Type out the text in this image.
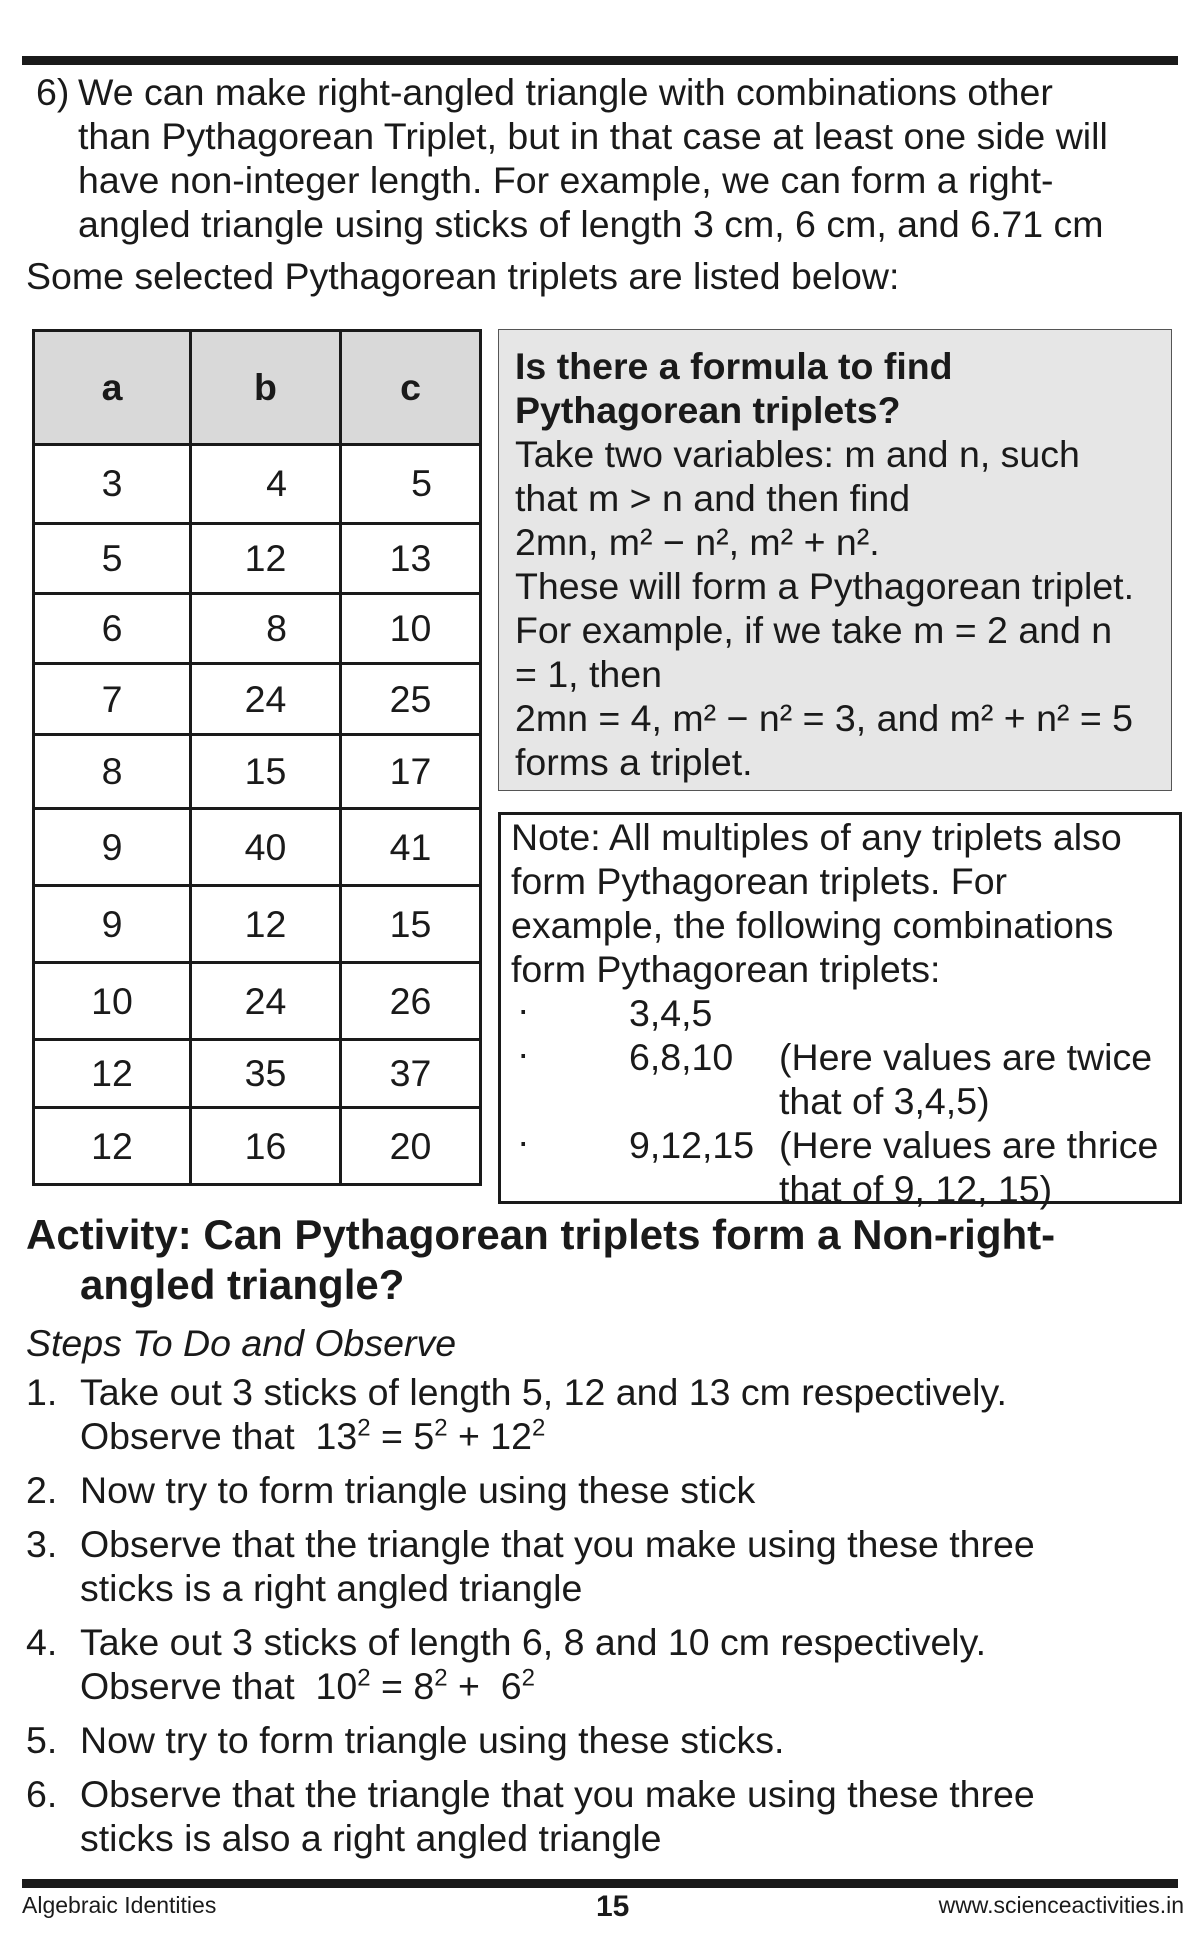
6) We can make right-angled triangle with combinations other
than Pythagorean Triplet, but in that case at least one side will
have non-integer length. For example, we can form a right-
angled triangle using sticks of length 3 cm, 6 cm, and 6.71 cm
Some selected Pythagorean triplets are listed below:
a	b	c
3	4	5
5	12	13
6	8	10
7	24	25
8	15	17
9	40	41
9	12	15
10	24	26
12	35	37
12	16	20
Is there a formula to find
Pythagorean triplets?
Take two variables: m and n, such
that m > n and then find
2mn, m² − n², m² + n².
These will form a Pythagorean triplet.
For example, if we take m = 2 and n
= 1, then
2mn = 4, m² − n² = 3, and m² + n² = 5
forms a triplet.
Note: All multiples of any triplets also
form Pythagorean triplets. For
example, the following combinations
form Pythagorean triplets:
·	3,4,5
·	6,8,10 (Here values are twice
that of 3,4,5)
·	9,12,15 (Here values are thrice
that of 9, 12, 15)
Activity: Can Pythagorean triplets form a Non-right-
angled triangle?
Steps To Do and Observe
1. Take out 3 sticks of length 5, 12 and 13 cm respectively.
Observe that  $13^2 = 5^2 + 12^2$
2. Now try to form triangle using these stick
3. Observe that the triangle that you make using these three
sticks is a right angled triangle
4. Take out 3 sticks of length 6, 8 and 10 cm respectively.
Observe that  $10^2 = 8^2 + 6^2$
5. Now try to form triangle using these sticks.
6. Observe that the triangle that you make using these three
sticks is also a right angled triangle
Algebraic Identities	15	www.scienceactivities.in
